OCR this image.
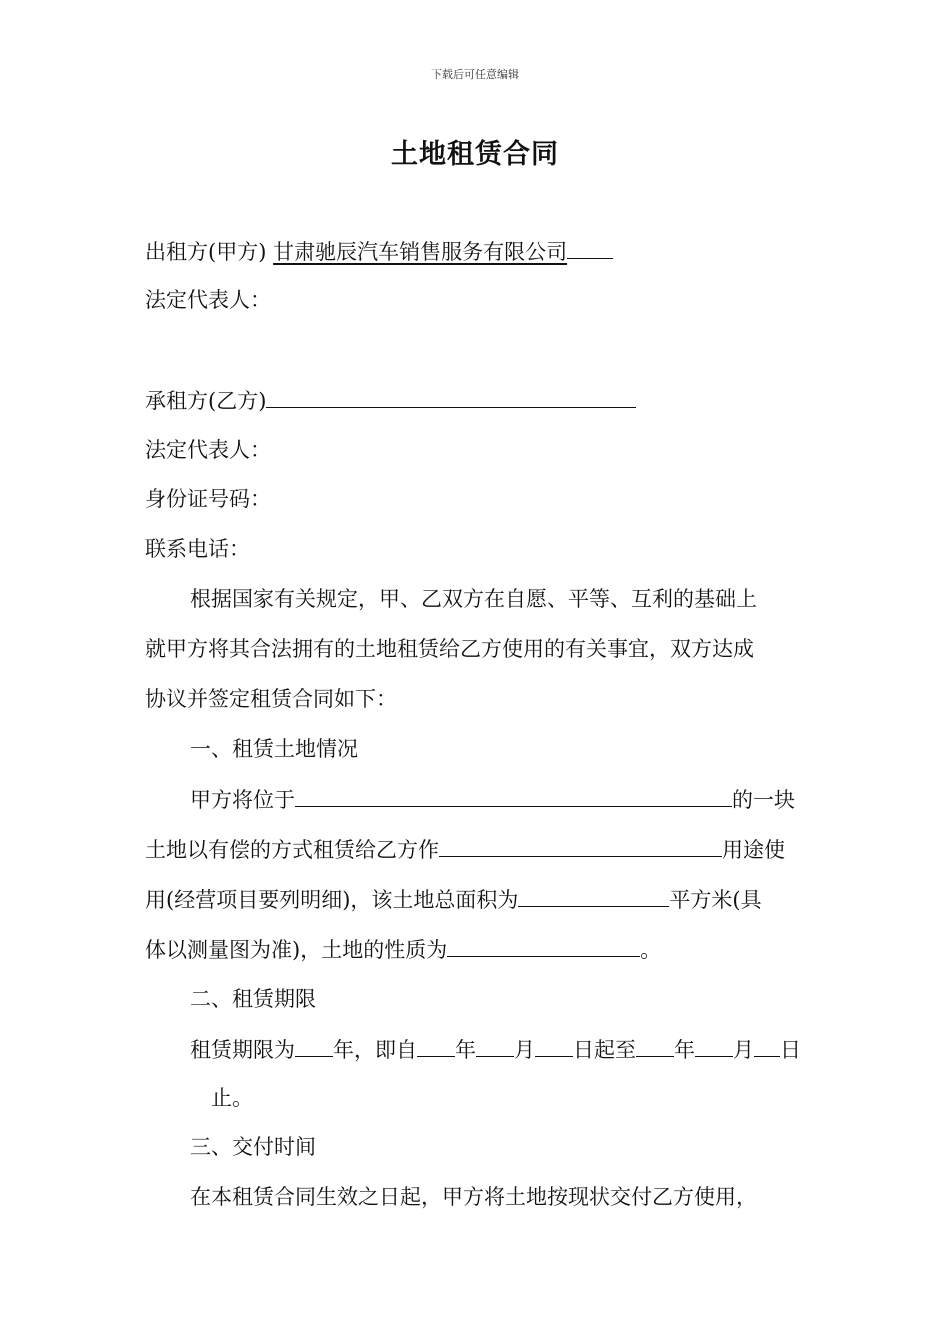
下载后可任意编辑
土地租赁合同
出租方(甲方) 甘肃驰辰汽车销售服务有限公司
法定代表人：
承租方(乙方)
法定代表人：
身份证号码：
联系电话：
根据国家有关规定，甲、乙双方在自愿、平等、互利的基础上
就甲方将其合法拥有的土地租赁给乙方使用的有关事宜，双方达成
协议并签定租赁合同如下：
一、租赁土地情况
甲方将位于	的一块
土地以有偿的方式租赁给乙方作	用途使
用(经营项目要列明细)，该土地总面积为	平方米(具
体以测量图为准)，土地的性质为	。
二、租赁期限
租赁期限为 年，即自 年 月 日起至 年 月 日
止。
三、交付时间
在本租赁合同生效之日起，甲方将土地按现状交付乙方使用，
